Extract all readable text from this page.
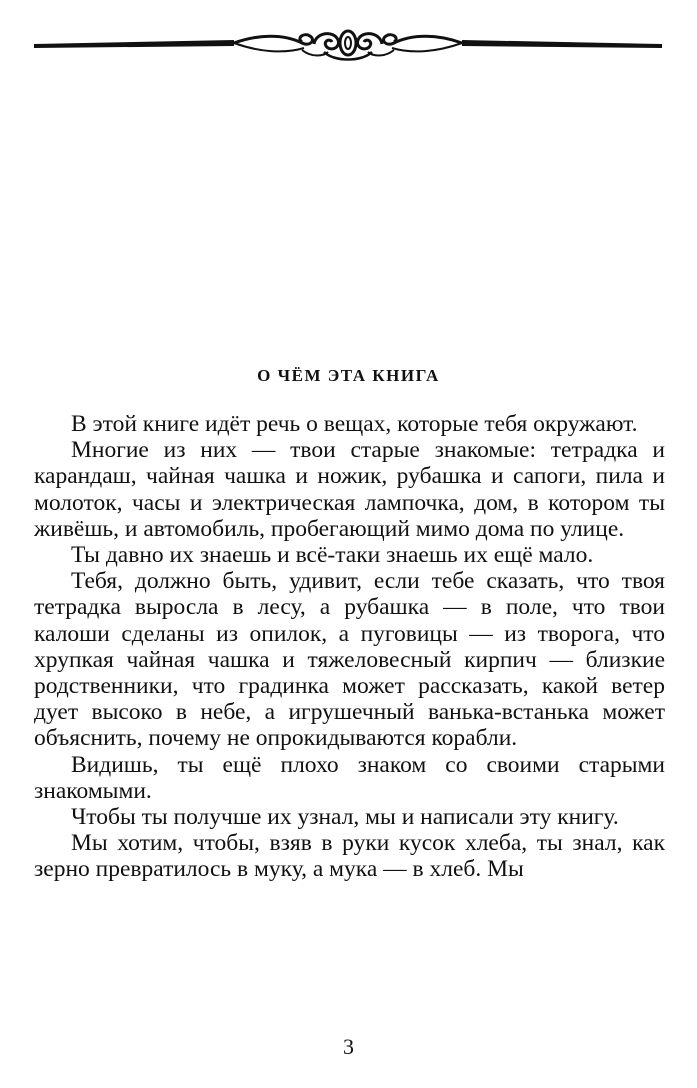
О ЧЁМ ЭТА КНИГА

В этой книге идёт речь о вещах, которые тебя окружают.

Многие из них — твои старые знакомые: тетрадка и карандаш, чайная чашка и ножик, рубашка и сапоги, пила и молоток, часы и электрическая лампочка, дом, в котором ты живёшь, и автомобиль, пробегающий мимо дома по улице.

Ты давно их знаешь и всё-таки знаешь их ещё мало.

Тебя, должно быть, удивит, если тебе сказать, что твоя тетрадка выросла в лесу, а рубашка — в поле, что твои калоши сделаны из опилок, а пуговицы — из творога, что хрупкая чайная чашка и тяжеловесный кирпич — близкие родственники, что градинка может рассказать, какой ветер дует высоко в небе, а игрушечный ванька-встанька может объяснить, почему не опрокидываются корабли.

Видишь, ты ещё плохо знаком со своими старыми знакомыми.

Чтобы ты получше их узнал, мы и написали эту книгу.

Мы хотим, чтобы, взяв в руки кусок хлеба, ты знал, как зерно превратилось в муку, а мука — в хлеб. Мы

3
